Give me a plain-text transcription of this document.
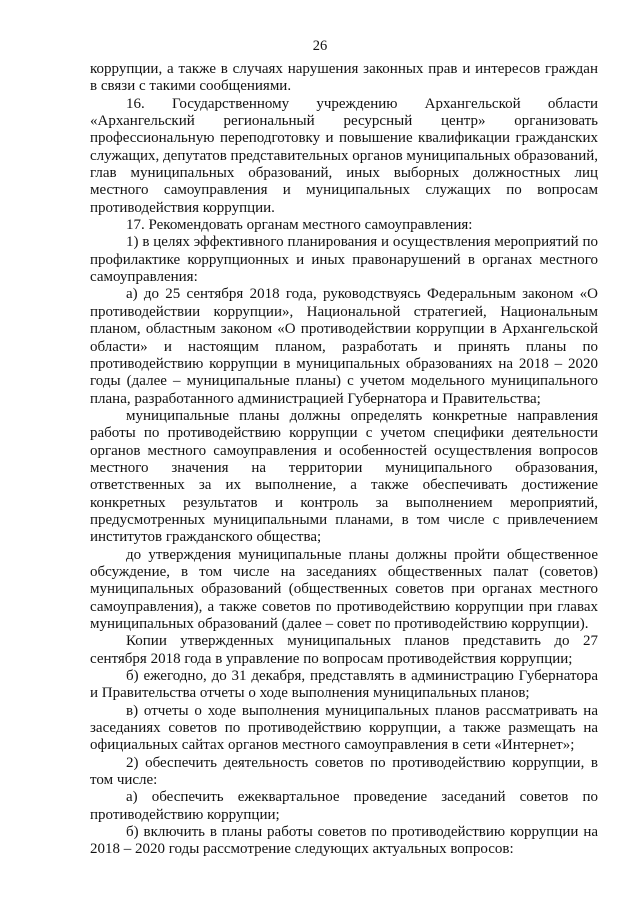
26

коррупции, а также в случаях нарушения законных прав и интересов граждан в связи с такими сообщениями.

16. Государственному учреждению Архангельской области «Архангельский региональный ресурсный центр» организовать профессиональную переподготовку и повышение квалификации гражданских служащих, депутатов представительных органов муниципальных образований, глав муниципальных образований, иных выборных должностных лиц местного самоуправления и муниципальных служащих по вопросам противодействия коррупции.

17. Рекомендовать органам местного самоуправления:

1) в целях эффективного планирования и осуществления мероприятий по профилактике коррупционных и иных правонарушений в органах местного самоуправления:

а) до 25 сентября 2018 года, руководствуясь Федеральным законом «О противодействии коррупции», Национальной стратегией, Национальным планом, областным законом «О противодействии коррупции в Архангельской области» и настоящим планом, разработать и принять планы по противодействию коррупции в муниципальных образованиях на 2018 – 2020 годы (далее – муниципальные планы) с учетом модельного муниципального плана, разработанного администрацией Губернатора и Правительства;

муниципальные планы должны определять конкретные направления работы по противодействию коррупции с учетом специфики деятельности органов местного самоуправления и особенностей осуществления вопросов местного значения на территории муниципального образования, ответственных за их выполнение, а также обеспечивать достижение конкретных результатов и контроль за выполнением мероприятий, предусмотренных муниципальными планами, в том числе с привлечением институтов гражданского общества;

до утверждения муниципальные планы должны пройти общественное обсуждение, в том числе на заседаниях общественных палат (советов) муниципальных образований (общественных советов при органах местного самоуправления), а также советов по противодействию коррупции при главах муниципальных образований (далее – совет по противодействию коррупции).

Копии утвержденных муниципальных планов представить до 27 сентября 2018 года в управление по вопросам противодействия коррупции;

б) ежегодно, до 31 декабря, представлять в администрацию Губернатора и Правительства отчеты о ходе выполнения муниципальных планов;

в) отчеты о ходе выполнения муниципальных планов рассматривать на заседаниях советов по противодействию коррупции, а также размещать на официальных сайтах органов местного самоуправления в сети «Интернет»;

2) обеспечить деятельность советов по противодействию коррупции, в том числе:

а) обеспечить ежеквартальное проведение заседаний советов по противодействию коррупции;

б) включить в планы работы советов по противодействию коррупции на 2018 – 2020 годы рассмотрение следующих актуальных вопросов:
